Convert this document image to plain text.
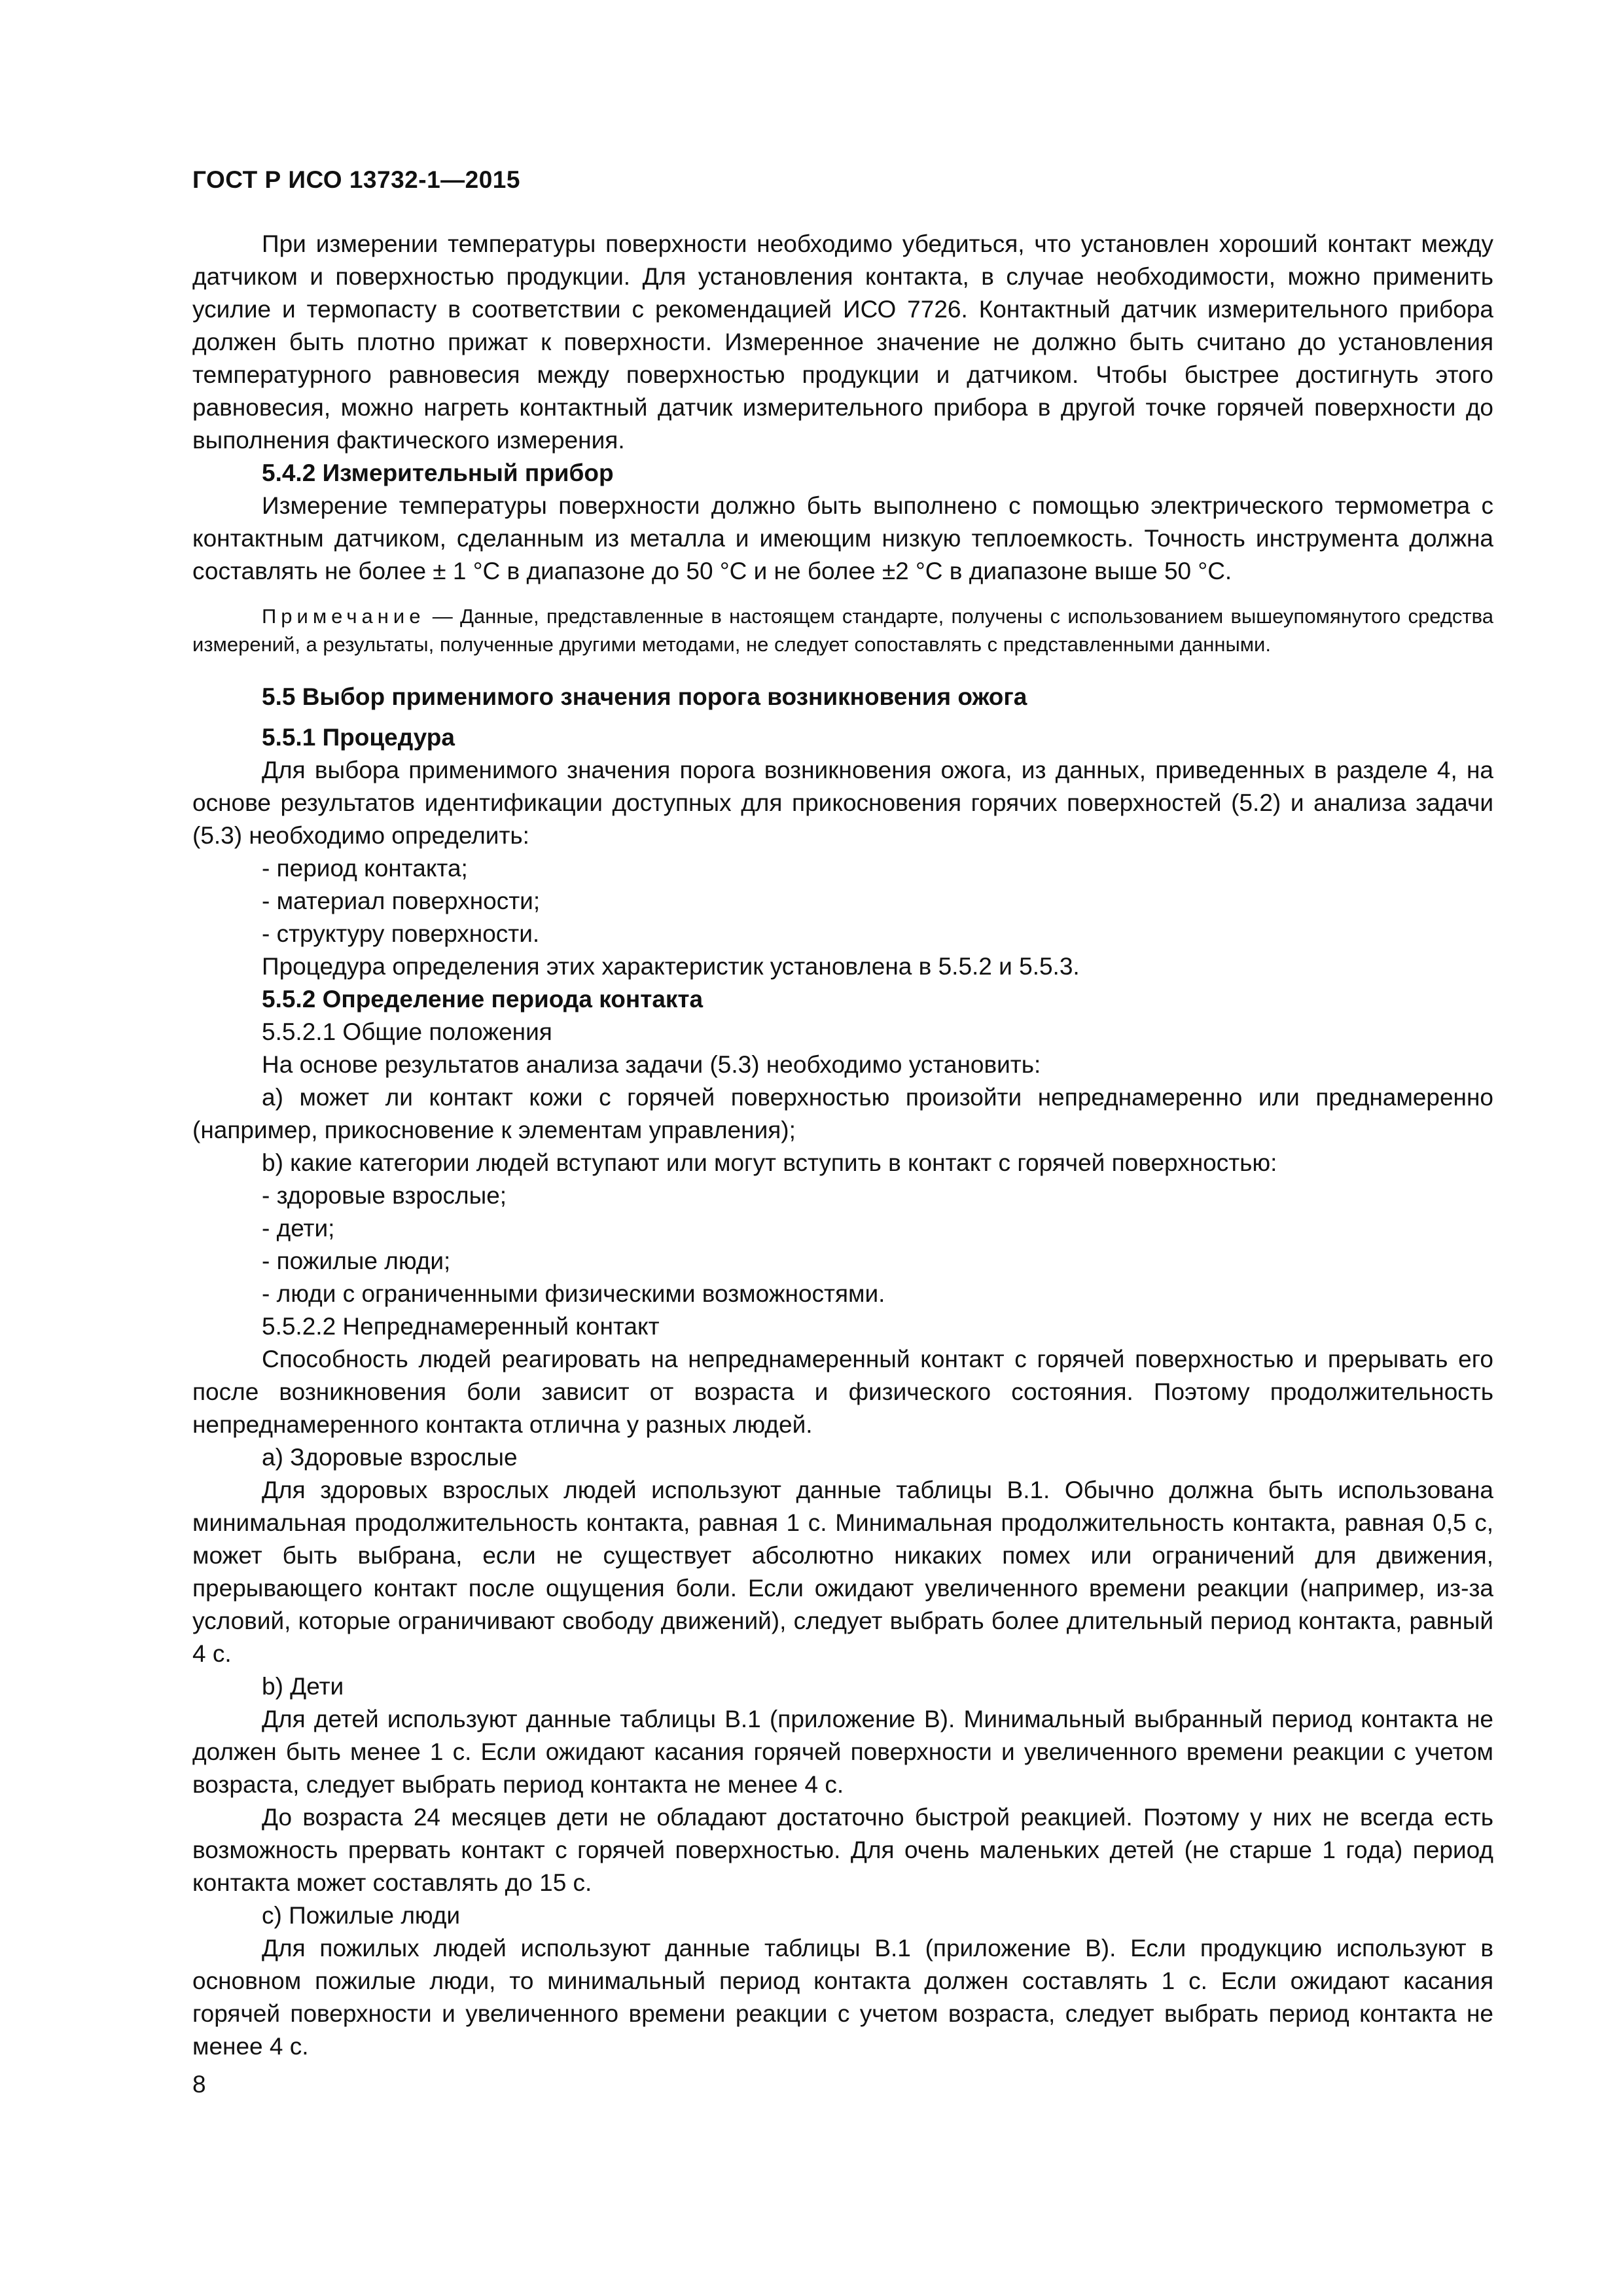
ГОСТ Р ИСО 13732-1—2015

При измерении температуры поверхности необходимо убедиться, что установлен хороший контакт между датчиком и поверхностью продукции. Для установления контакта, в случае необходимости, можно применить усилие и термопасту в соответствии с рекомендацией ИСО 7726. Контактный датчик измерительного прибора должен быть плотно прижат к поверхности. Измеренное значение не должно быть считано до установления температурного равновесия между поверхностью продукции и датчиком. Чтобы быстрее достигнуть этого равновесия, можно нагреть контактный датчик измерительного прибора в другой точке горячей поверхности до выполнения фактического измерения.

5.4.2 Измерительный прибор

Измерение температуры поверхности должно быть выполнено с помощью электрического термометра с контактным датчиком, сделанным из металла и имеющим низкую теплоемкость. Точность инструмента должна составлять не более ± 1 °С в диапазоне до 50 °С и не более ±2 °С в диапазоне выше 50 °С.

Примечание — Данные, представленные в настоящем стандарте, получены с использованием вышеупомянутого средства измерений, а результаты, полученные другими методами, не следует сопоставлять с представленными данными.
5.5 Выбор применимого значения порога возникновения ожога
5.5.1 Процедура

Для выбора применимого значения порога возникновения ожога, из данных, приведенных в разделе 4, на основе результатов идентификации доступных для прикосновения горячих поверхностей (5.2) и анализа задачи (5.3) необходимо определить:

- период контакта;
- материал поверхности;
- структуру поверхности.

Процедура определения этих характеристик установлена в 5.5.2 и 5.5.3.

5.5.2 Определение периода контакта
5.5.2.1 Общие положения

На основе результатов анализа задачи (5.3) необходимо установить:

a) может ли контакт кожи с горячей поверхностью произойти непреднамеренно или преднамеренно (например, прикосновение к элементам управления);

b) какие категории людей вступают или могут вступить в контакт с горячей поверхностью:

- здоровые взрослые;
- дети;
- пожилые люди;
- люди с ограниченными физическими возможностями.
5.5.2.2 Непреднамеренный контакт

Способность людей реагировать на непреднамеренный контакт с горячей поверхностью и прерывать его после возникновения боли зависит от возраста и физического состояния. Поэтому продолжительность непреднамеренного контакта отлична у разных людей.

a) Здоровые взрослые

Для здоровых взрослых людей используют данные таблицы В.1. Обычно должна быть использована минимальная продолжительность контакта, равная 1 с. Минимальная продолжительность контакта, равная 0,5 с, может быть выбрана, если не существует абсолютно никаких помех или ограничений для движения, прерывающего контакт после ощущения боли. Если ожидают увеличенного времени реакции (например, из-за условий, которые ограничивают свободу движений), следует выбрать более длительный период контакта, равный 4 с.

b) Дети

Для детей используют данные таблицы В.1 (приложение В). Минимальный выбранный период контакта не должен быть менее 1 с. Если ожидают касания горячей поверхности и увеличенного времени реакции с учетом возраста, следует выбрать период контакта не менее 4 с.

До возраста 24 месяцев дети не обладают достаточно быстрой реакцией. Поэтому у них не всегда есть возможность прервать контакт с горячей поверхностью. Для очень маленьких детей (не старше 1 года) период контакта может составлять до 15 с.

c) Пожилые люди

Для пожилых людей используют данные таблицы В.1 (приложение В). Если продукцию используют в основном пожилые люди, то минимальный период контакта должен составлять 1 с. Если ожидают касания горячей поверхности и увеличенного времени реакции с учетом возраста, следует выбрать период контакта не менее 4 с.

8
